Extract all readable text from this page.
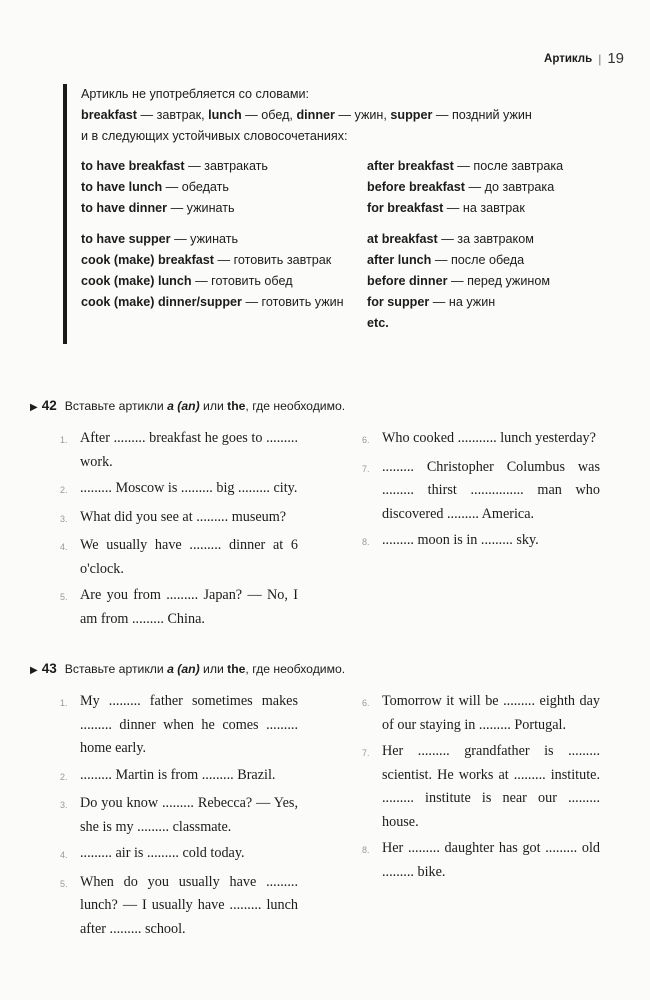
Артикль | 19
Артикль не употребляется со словами:
breakfast — завтрак, lunch — обед, dinner — ужин, supper — поздний ужин
и в следующих устойчивых словосочетаниях:
to have breakfast — завтракать
to have lunch — обедать
to have dinner — ужинать
to have supper — ужинать
cook (make) breakfast — готовить завтрак
cook (make) lunch — готовить обед
cook (make) dinner/supper — готовить ужин
after breakfast — после завтрака
before breakfast — до завтрака
for breakfast — на завтрак
at breakfast — за завтраком
after lunch — после обеда
before dinner — перед ужином
for supper — на ужин
etc.
▶ 42 Вставьте артикли a (an) или the, где необходимо.
1. After ......... breakfast he goes to ......... work.
2. ......... Moscow is ......... big ......... city.
3. What did you see at ......... museum?
4. We usually have ......... dinner at 6 o'clock.
5. Are you from ......... Japan? — No, I am from ......... China.
6. Who cooked ........... lunch yesterday?
7. ......... Christopher Columbus was ......... thirst ............... man who discovered ......... America.
8. ......... moon is in ......... sky.
▶ 43 Вставьте артикли a (an) или the, где необходимо.
1. My ......... father sometimes makes ......... dinner when he comes ......... home early.
2. ......... Martin is from ......... Brazil.
3. Do you know ......... Rebecca? — Yes, she is my ......... classmate.
4. ......... air is ......... cold today.
5. When do you usually have ......... lunch? — I usually have ......... lunch after ......... school.
6. Tomorrow it will be ......... eighth day of our staying in ......... Portugal.
7. Her ......... grandfather is ......... scientist. He works at ......... institute. ......... institute is near our ......... house.
8. Her ......... daughter has got ......... old ......... bike.
